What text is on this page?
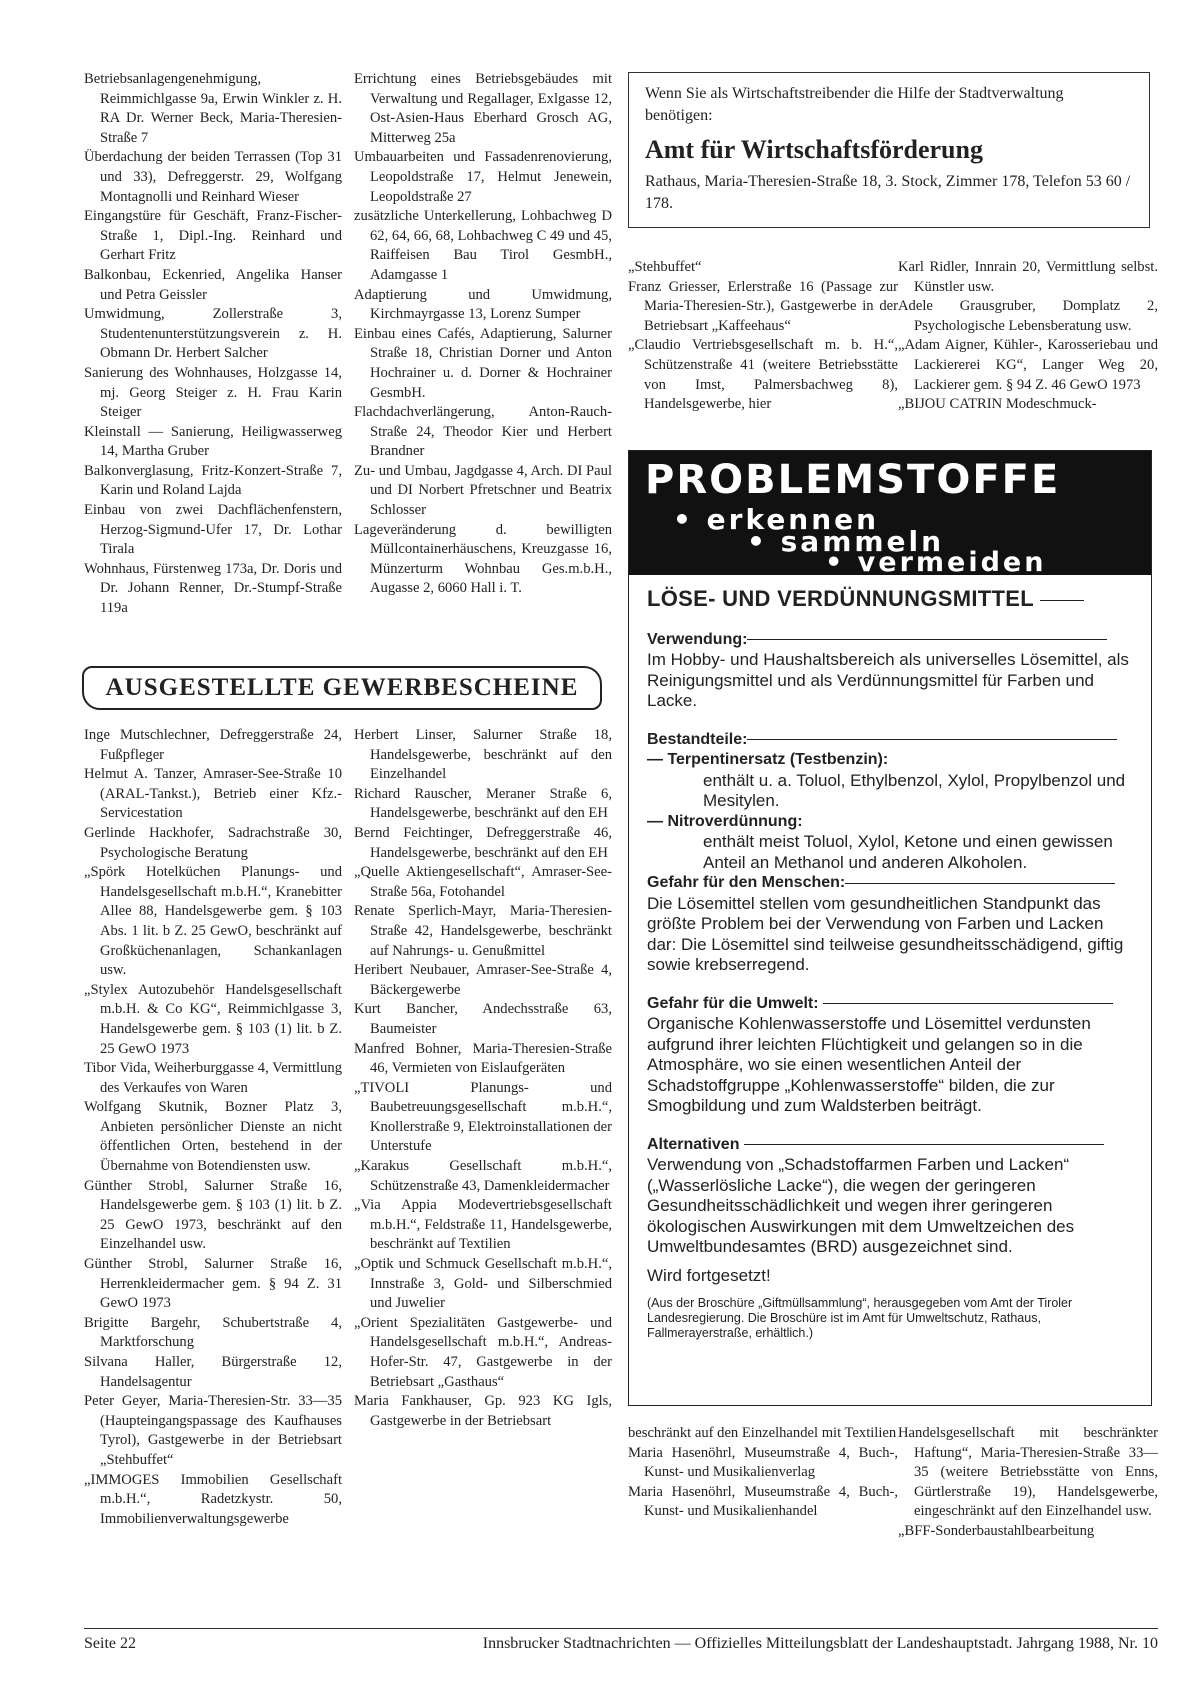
Betriebsanlagengenehmigung, Reimmichlgasse 9a, Erwin Winkler z. H. RA Dr. Werner Beck, Maria-Theresien-Straße 7

Überdachung der beiden Terrassen (Top 31 und 33), Defreggerstr. 29, Wolfgang Montagnolli und Reinhard Wieser

Eingangstüre für Geschäft, Franz-Fischer-Straße 1, Dipl.-Ing. Reinhard und Gerhart Fritz

Balkonbau, Eckenried, Angelika Hanser und Petra Geissler

Umwidmung, Zollerstraße 3, Studentenunterstützungsverein z. H. Obmann Dr. Herbert Salcher

Sanierung des Wohnhauses, Holzgasse 14, mj. Georg Steiger z. H. Frau Karin Steiger

Kleinstall — Sanierung, Heiligwasserweg 14, Martha Gruber

Balkonverglasung, Fritz-Konzert-Straße 7, Karin und Roland Lajda

Einbau von zwei Dachflächenfenstern, Herzog-Sigmund-Ufer 17, Dr. Lothar Tirala

Wohnhaus, Fürstenweg 173a, Dr. Doris und Dr. Johann Renner, Dr.-Stumpf-Straße 119a

Errichtung eines Betriebsgebäudes mit Verwaltung und Regallager, Exlgasse 12, Ost-Asien-Haus Eberhard Grosch AG, Mitterweg 25a

Umbauarbeiten und Fassadenrenovierung, Leopoldstraße 17, Helmut Jenewein, Leopoldstraße 27

zusätzliche Unterkellerung, Lohbachweg D 62, 64, 66, 68, Lohbachweg C 49 und 45, Raiffeisen Bau Tirol GesmbH., Adamgasse 1

Adaptierung und Umwidmung, Kirchmayrgasse 13, Lorenz Sumper

Einbau eines Cafés, Adaptierung, Salurner Straße 18, Christian Dorner und Anton Hochrainer u. d. Dorner & Hochrainer GesmbH.

Flachdachverlängerung, Anton-Rauch-Straße 24, Theodor Kier und Herbert Brandner

Zu- und Umbau, Jagdgasse 4, Arch. DI Paul und DI Norbert Pfretschner und Beatrix Schlosser

Lageveränderung d. bewilligten Müllcontainerhäuschens, Kreuzgasse 16, Münzerturm Wohnbau Ges.m.b.H., Augasse 2, 6060 Hall i. T.

Wenn Sie als Wirtschaftstreibender die Hilfe der Stadtverwaltung benötigen:
Amt für Wirtschaftsförderung
Rathaus, Maria-Theresien-Straße 18, 3. Stock, Zimmer 178, Telefon 53 60 / 178.

„Stehbuffet“

Franz Griesser, Erlerstraße 16 (Passage zur Maria-Theresien-Str.), Gastgewerbe in der Betriebsart „Kaffeehaus“

„Claudio Vertriebsgesellschaft m. b. H.“, Schützenstraße 41 (weitere Betriebsstätte von Imst, Palmersbachweg 8), Handelsgewerbe, hier

Karl Ridler, Innrain 20, Vermittlung selbst. Künstler usw.

Adele Grausgruber, Domplatz 2, Psychologische Lebensberatung usw.

„Adam Aigner, Kühler-, Karosseriebau und Lackiererei KG“, Langer Weg 20, Lackierer gem. § 94 Z. 46 GewO 1973

„BIJOU CATRIN Modeschmuck-

AUSGESTELLTE GEWERBESCHEINE

Inge Mutschlechner, Defreggerstraße 24, Fußpfleger

Helmut A. Tanzer, Amraser-See-Straße 10 (ARAL-Tankst.), Betrieb einer Kfz.-Servicestation

Gerlinde Hackhofer, Sadrachstraße 30, Psychologische Beratung

„Spörk Hotelküchen Planungs- und Handelsgesellschaft m.b.H.“, Kranebitter Allee 88, Handelsgewerbe gem. § 103 Abs. 1 lit. b Z. 25 GewO, beschränkt auf Großküchenanlagen, Schankanlagen usw.

„Stylex Autozubehör Handelsgesellschaft m.b.H. & Co KG“, Reimmichlgasse 3, Handelsgewerbe gem. § 103 (1) lit. b Z. 25 GewO 1973

Tibor Vida, Weiherburggasse 4, Vermittlung des Verkaufes von Waren

Wolfgang Skutnik, Bozner Platz 3, Anbieten persönlicher Dienste an nicht öffentlichen Orten, bestehend in der Übernahme von Botendiensten usw.

Günther Strobl, Salurner Straße 16, Handelsgewerbe gem. § 103 (1) lit. b Z. 25 GewO 1973, beschränkt auf den Einzelhandel usw.

Günther Strobl, Salurner Straße 16, Herrenkleidermacher gem. § 94 Z. 31 GewO 1973

Brigitte Bargehr, Schubertstraße 4, Marktforschung

Silvana Haller, Bürgerstraße 12, Handelsagentur

Peter Geyer, Maria-Theresien-Str. 33—35 (Haupteingangspassage des Kaufhauses Tyrol), Gastgewerbe in der Betriebsart „Stehbuffet“

„IMMOGES Immobilien Gesellschaft m.b.H.“, Radetzkystr. 50, Immobilienverwaltungsgewerbe

Herbert Linser, Salurner Straße 18, Handelsgewerbe, beschränkt auf den Einzelhandel

Richard Rauscher, Meraner Straße 6, Handelsgewerbe, beschränkt auf den EH

Bernd Feichtinger, Defreggerstraße 46, Handelsgewerbe, beschränkt auf den EH

„Quelle Aktiengesellschaft“, Amraser-See-Straße 56a, Fotohandel

Renate Sperlich-Mayr, Maria-Theresien-Straße 42, Handelsgewerbe, beschränkt auf Nahrungs- u. Genußmittel

Heribert Neubauer, Amraser-See-Straße 4, Bäckergewerbe

Kurt Bancher, Andechsstraße 63, Baumeister

Manfred Bohner, Maria-Theresien-Straße 46, Vermieten von Eislaufgeräten

„TIVOLI Planungs- und Baubetreuungsgesellschaft m.b.H.“, Knollerstraße 9, Elektroinstallationen der Unterstufe

„Karakus Gesellschaft m.b.H.“, Schützenstraße 43, Damenkleidermacher

„Via Appia Modevertriebsgesellschaft m.b.H.“, Feldstraße 11, Handelsgewerbe, beschränkt auf Textilien

„Optik und Schmuck Gesellschaft m.b.H.“, Innstraße 3, Gold- und Silberschmied und Juwelier

„Orient Spezialitäten Gastgewerbe- und Handelsgesellschaft m.b.H.“, Andreas-Hofer-Str. 47, Gastgewerbe in der Betriebsart „Gasthaus“

Maria Fankhauser, Gp. 923 KG Igls, Gastgewerbe in der Betriebsart

PROBLEMSTOFFE
• erkennen
• sammeln
• vermeiden
LÖSE- UND VERDÜNNUNGSMITTEL

Verwendung:

Im Hobby- und Haushaltsbereich als universelles Lösemittel, als Reinigungsmittel und als Verdünnungsmittel für Farben und Lacke.

Bestandteile:

— Terpentinersatz (Testbenzin):

enthält u. a. Toluol, Ethylbenzol, Xylol, Propylbenzol und Mesitylen.

— Nitroverdünnung:

enthält meist Toluol, Xylol, Ketone und einen gewissen Anteil an Methanol und anderen Alkoholen.

Gefahr für den Menschen:

Die Lösemittel stellen vom gesundheitlichen Standpunkt das größte Problem bei der Verwendung von Farben und Lacken dar: Die Lösemittel sind teilweise gesundheitsschädigend, giftig sowie krebserregend.

Gefahr für die Umwelt:

Organische Kohlenwasserstoffe und Lösemittel verdunsten aufgrund ihrer leichten Flüchtigkeit und gelangen so in die Atmosphäre, wo sie einen wesentlichen Anteil der Schadstoffgruppe „Kohlenwasserstoffe“ bilden, die zur Smogbildung und zum Waldsterben beiträgt.

Alternativen

Verwendung von „Schadstoffarmen Farben und Lacken“ („Wasserlösliche Lacke“), die wegen der geringeren Gesundheitsschädlichkeit und wegen ihrer geringeren ökologischen Auswirkungen mit dem Umweltzeichen des Umweltbundesamtes (BRD) ausgezeichnet sind.

Wird fortgesetzt!

(Aus der Broschüre „Giftmüllsammlung“, herausgegeben vom Amt der Tiroler Landesregierung. Die Broschüre ist im Amt für Umweltschutz, Rathaus, Fallmerayerstraße, erhältlich.)

beschränkt auf den Einzelhandel mit Textilien

Maria Hasenöhrl, Museumstraße 4, Buch-, Kunst- und Musikalienverlag

Maria Hasenöhrl, Museumstraße 4, Buch-, Kunst- und Musikalienhandel

Handelsgesellschaft mit beschränkter Haftung“, Maria-Theresien-Straße 33—35 (weitere Betriebsstätte von Enns, Gürtlerstraße 19), Handelsgewerbe, eingeschränkt auf den Einzelhandel usw.

„BFF-Sonderbaustahlbearbeitung

Seite 22	Innsbrucker Stadtnachrichten — Offizielles Mitteilungsblatt der Landeshauptstadt. Jahrgang 1988, Nr. 10
